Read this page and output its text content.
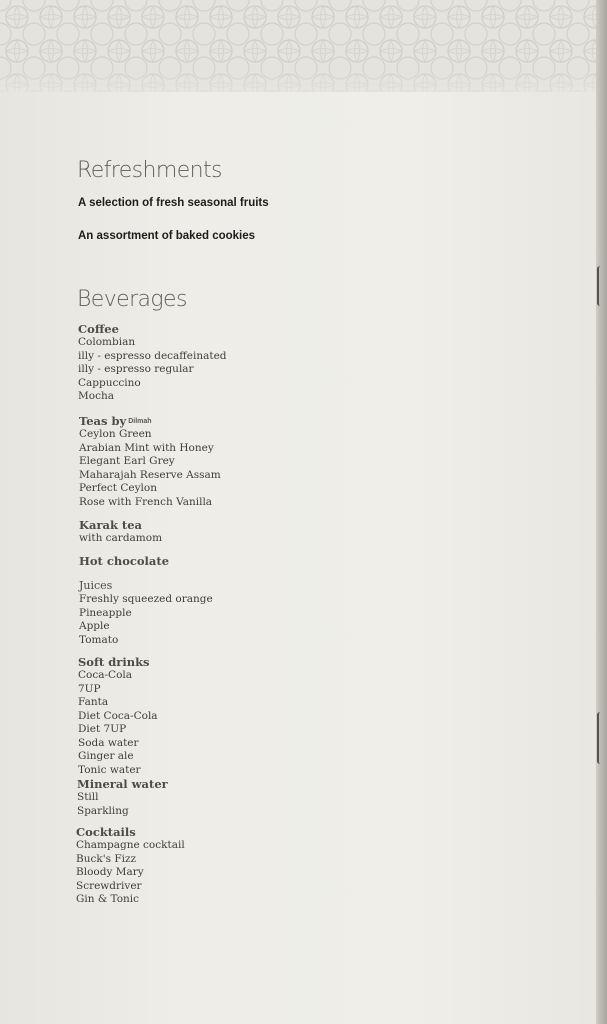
Refreshments
A selection of fresh seasonal fruits
An assortment of baked cookies
Beverages
Coffee
Colombian
illy - espresso decaffeinated
illy - espresso regular
Cappuccino
Mocha
Teas by Dilmah
Ceylon Green
Arabian Mint with Honey
Elegant Earl Grey
Maharajah Reserve Assam
Perfect Ceylon
Rose with French Vanilla
Karak tea
with cardamom
Hot chocolate
Juices
Freshly squeezed orange
Pineapple
Apple
Tomato
Soft drinks
Coca-Cola
7UP
Fanta
Diet Coca-Cola
Diet 7UP
Soda water
Ginger ale
Tonic water
Mineral water
Still
Sparkling
Cocktails
Champagne cocktail
Buck's Fizz
Bloody Mary
Screwdriver
Gin & Tonic
